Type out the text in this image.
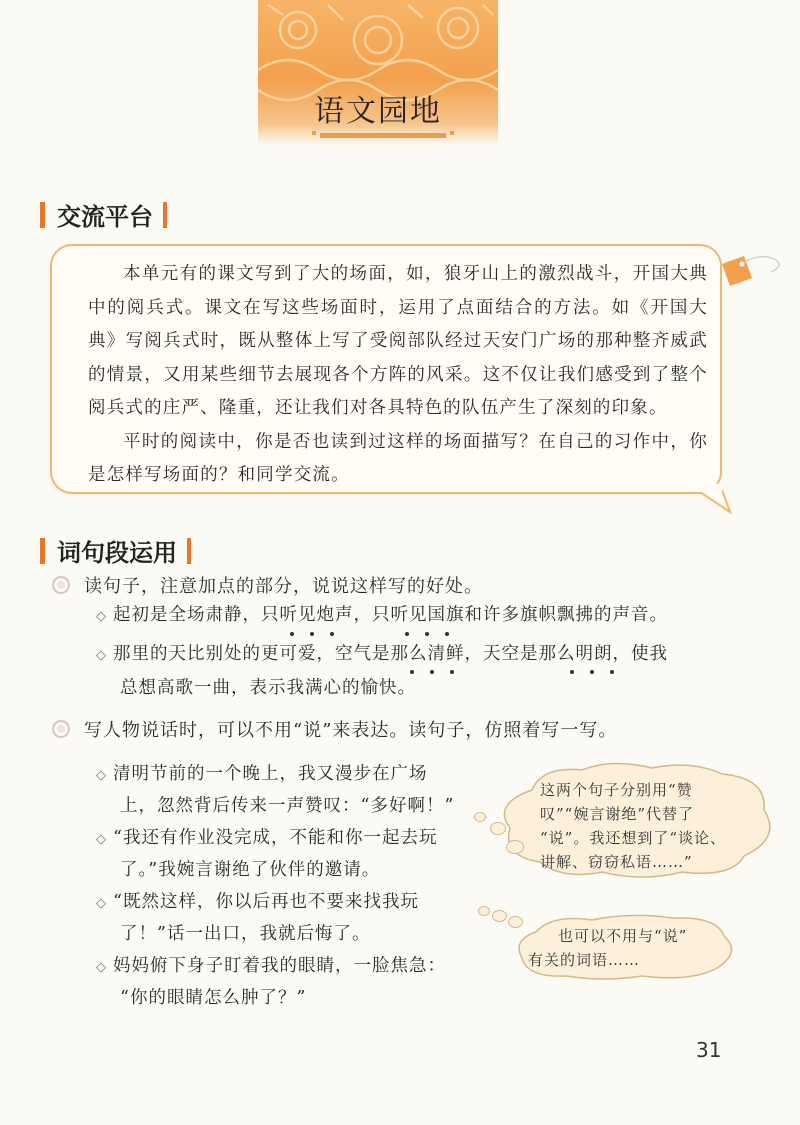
语文园地
交流平台

本单元有的课文写到了大的场面，如，狼牙山上的激烈战斗，开国大典中的阅兵式。课文在写这些场面时，运用了点面结合的方法。如《开国大典》写阅兵式时，既从整体上写了受阅部队经过天安门广场的那种整齐威武的情景，又用某些细节去展现各个方阵的风采。这不仅让我们感受到了整个阅兵式的庄严、隆重，还让我们对各具特色的队伍产生了深刻的印象。

平时的阅读中，你是否也读到过这样的场面描写？在自己的习作中，你是怎样写场面的？和同学交流。

词句段运用
读句子，注意加点的部分，说说这样写的好处。
◇ 起初是全场肃静，只听见炮声，只听见国旗和许多旗帜飘拂的声音。
◇ 那里的天比别处的更可爱，空气是那么清鲜，天空是那么明朗，使我
总想高歌一曲，表示我满心的愉快。
写人物说话时，可以不用“说”来表达。读句子，仿照着写一写。
◇ 清明节前的一个晚上，我又漫步在广场
上，忽然背后传来一声赞叹：“多好啊！”
◇ “我还有作业没完成，不能和你一起去玩
了。”我婉言谢绝了伙伴的邀请。
◇ “既然这样，你以后再也不要来找我玩
了！”话一出口，我就后悔了。
◇ 妈妈俯下身子盯着我的眼睛，一脸焦急：
“你的眼睛怎么肿了？”
这两个句子分别用“赞
叹”“婉言谢绝”代替了
“说”。我还想到了“谈论、
讲解、窃窃私语……”
也可以不用与“说”
有关的词语……
31
